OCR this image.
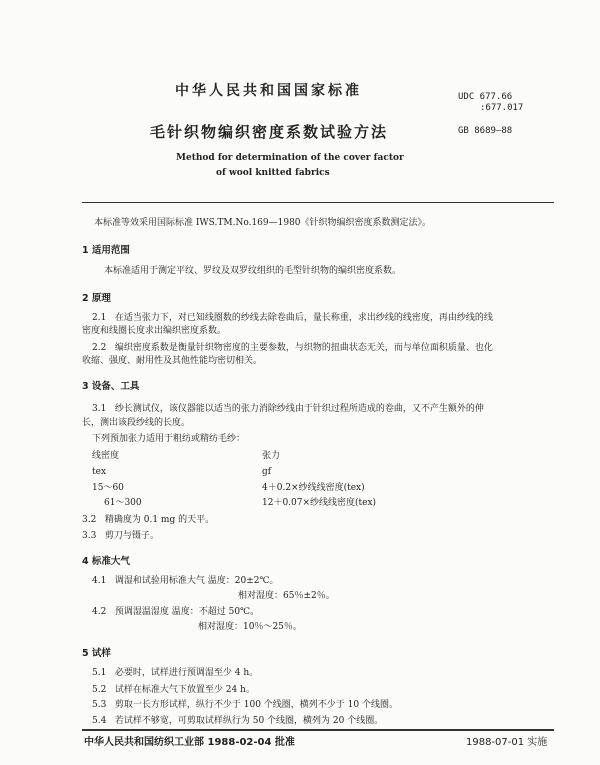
中华人民共和国国家标准	UDC 677.66
:677.017
毛针织物编织密度系数试验方法	GB 8689—88
Method for determination of the cover factor
of wool knitted fabrics
本标准等效采用国际标准 IWS.TM.No.169—1980《针织物编织密度系数测定法》。
1 适用范围
本标准适用于测定平纹、罗纹及双罗纹组织的毛型针织物的编织密度系数。
2 原理
2.1 在适当张力下，对已知线圈数的纱线去除卷曲后，量长称重，求出纱线的线密度，再由纱线的线
密度和线圈长度求出编织密度系数。
2.2 编织密度系数是衡量针织物密度的主要参数，与织物的扭曲状态无关，而与单位面积质量、也化
收缩、强度、耐用性及其他性能均密切相关。
3 设备、工具
3.1 纱长测试仪，该仪器能以适当的张力消除纱线由于针织过程所造成的卷曲，又不产生额外的伸
长，测出该段纱线的长度。
下列预加张力适用于粗纺或精纺毛纱：
线密度	张力
tex	gf
15～60	4＋0.2×纱线线密度(tex)
61～300	12＋0.07×纱线线密度(tex)
3.2 精确度为 0.1 mg 的天平。
3.3 剪刀与镊子。
4 标准大气
4.1 调湿和试验用标准大气 温度：20±2℃。
相对湿度：65％±2％。
4.2 预调湿温湿度 温度：不超过 50℃。
相对湿度：10％～25％。
5 试样
5.1 必要时，试样进行预调湿至少 4 h。
5.2 试样在标准大气下放置至少 24 h。
5.3 剪取一长方形试样，纵行不少于 100 个线圈，横列不少于 10 个线圈。
5.4 若试样不够宽，可剪取试样纵行为 50 个线圈，横列为 20 个线圈。
中华人民共和国纺织工业部 1988-02-04 批准	1988-07-01 实施
